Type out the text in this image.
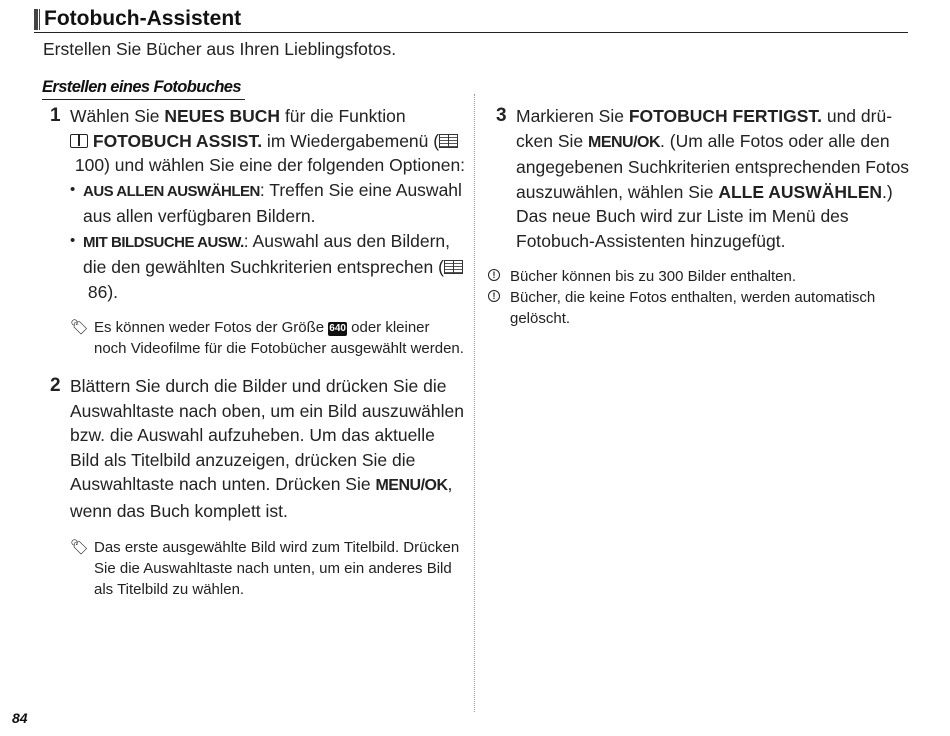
Fotobuch-Assistent
Erstellen Sie Bücher aus Ihren Lieblingsfotos.
Erstellen eines Fotobuches
1 Wählen Sie NEUES BUCH für die Funktion
FOTOBUCH ASSIST. im Wiedergabemenü ( 100) und wählen Sie eine der folgenden Optionen:
• AUS ALLEN AUSWÄHLEN: Treffen Sie eine Auswahl aus allen verfügbaren Bildern.
• MIT BILDSUCHE AUSW.: Auswahl aus den Bildern, die den gewählten Suchkriterien entsprechen ( 86).
🏷 Es können weder Fotos der Größe 640 oder kleiner noch Videofilme für die Fotobücher ausgewählt werden.
2 Blättern Sie durch die Bilder und drücken Sie die Auswahltaste nach oben, um ein Bild auszuwählen bzw. die Auswahl aufzuheben. Um das aktuelle Bild als Titelbild anzuzeigen, drücken Sie die Auswahltaste nach unten. Drücken Sie MENU/OK, wenn das Buch komplett ist.
🏷 Das erste ausgewählte Bild wird zum Titelbild. Drücken Sie die Auswahltaste nach unten, um ein anderes Bild als Titelbild zu wählen.
3 Markieren Sie FOTOBUCH FERTIGST. und drücken Sie MENU/OK. (Um alle Fotos oder alle den angegebenen Suchkriterien entsprechenden Fotos auszuwählen, wählen Sie ALLE AUSWÄHLEN.) Das neue Buch wird zur Liste im Menü des Fotobuch-Assistenten hinzugefügt.
! Bücher können bis zu 300 Bilder enthalten.
! Bücher, die keine Fotos enthalten, werden automatisch gelöscht.
84
